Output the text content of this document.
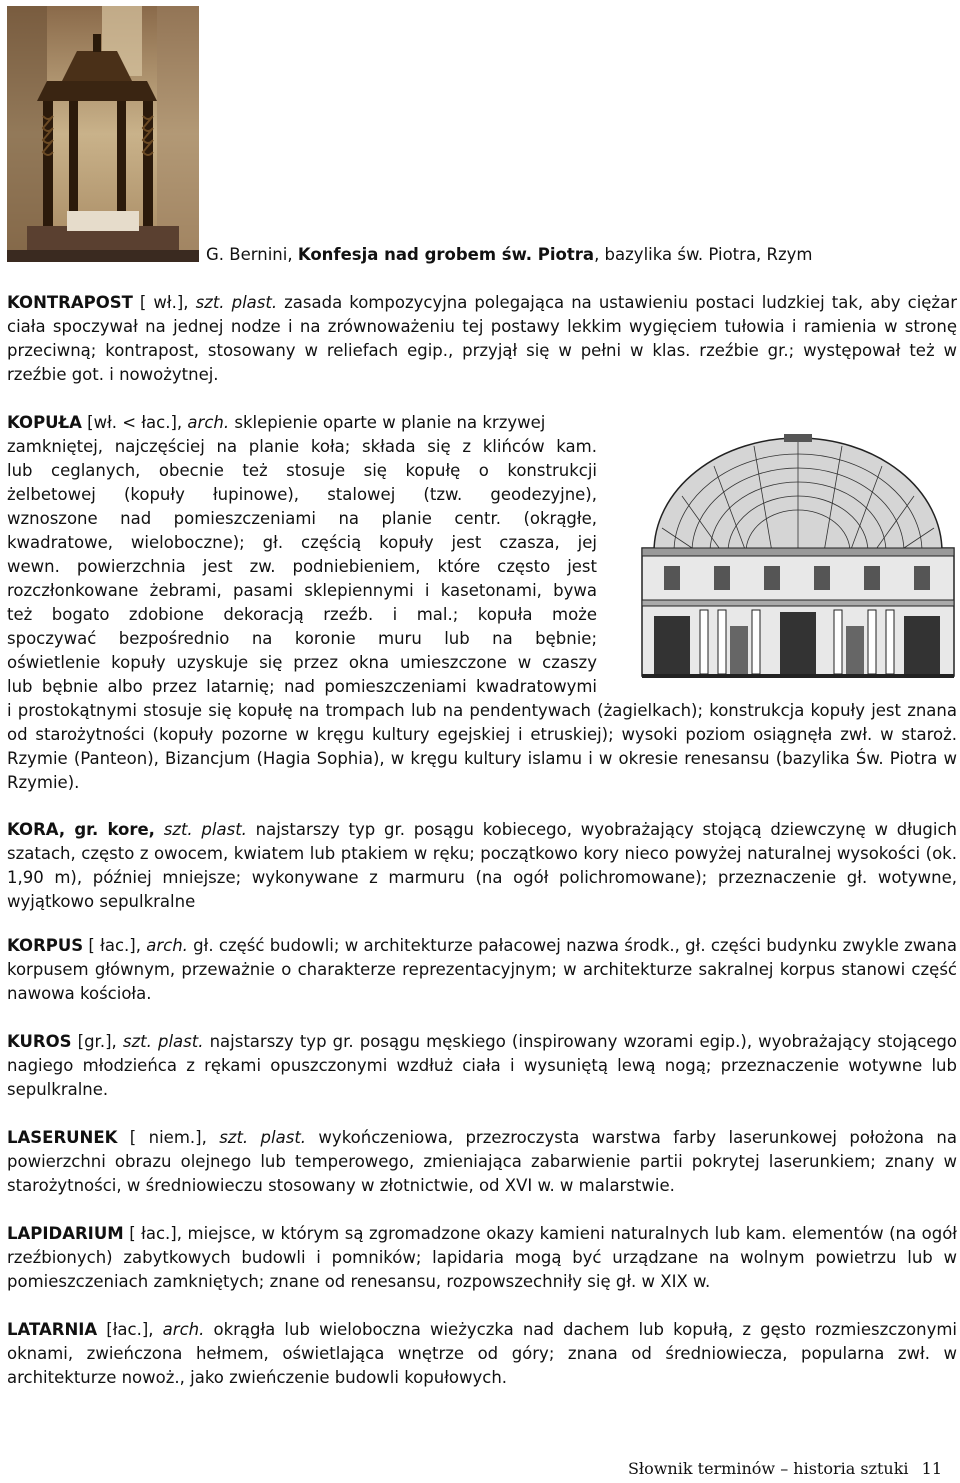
G. Bernini, Konfesja nad grobem św. Piotra, bazylika św. Piotra, Rzym

KONTRAPOST [ wł.], szt. plast. zasada kompozycyjna polegająca na ustawieniu postaci ludzkiej tak, aby ciężar ciała spoczywał na jednej nodze i na zrównoważeniu tej postawy lekkim wygięciem tułowia i ramienia w stronę przeciwną; kontrapost, stosowany w reliefach egip., przyjął się w pełni w klas. rzeźbie gr.; występował też w rzeźbie got. i nowożytnej.

KOPUŁA [wł. < łac.], arch. sklepienie oparte w planie na krzywej
zamkniętej, najczęściej na planie koła; składa się z klińców kam.
lub ceglanych, obecnie też stosuje się kopułę o konstrukcji
żelbetowej (kopuły łupinowe), stalowej (tzw. geodezyjne),
wznoszone nad pomieszczeniami na planie centr. (okrągłe,
kwadratowe, wieloboczne); gł. częścią kopuły jest czasza, jej
wewn. powierzchnia jest zw. podniebieniem, które często jest
rozczłonkowane żebrami, pasami sklepiennymi i kasetonami, bywa
też bogato zdobione dekoracją rzeźb. i mal.; kopuła może
spoczywać bezpośrednio na koronie muru lub na bębnie;
oświetlenie kopuły uzyskuje się przez okna umieszczone w czaszy
lub bębnie albo przez latarnię; nad pomieszczeniami kwadratowymi

i prostokątnymi stosuje się kopułę na trompach lub na pendentywach (żagielkach); konstrukcja kopuły jest znana od starożytności (kopuły pozorne w kręgu kultury egejskiej i etruskiej); wysoki poziom osiągnęła zwł. w staroż. Rzymie (Panteon), Bizancjum (Hagia Sophia), w kręgu kultury islamu i w okresie renesansu (bazylika Św. Piotra w Rzymie).

KORA, gr. kore, szt. plast. najstarszy typ gr. posągu kobiecego, wyobrażający stojącą dziewczynę w długich szatach, często z owocem, kwiatem lub ptakiem w ręku; początkowo kory nieco powyżej naturalnej wysokości (ok. 1,90 m), później mniejsze; wykonywane z marmuru (na ogół polichromowane); przeznaczenie gł. wotywne, wyjątkowo sepulkralne

KORPUS [ łac.], arch. gł. część budowli; w architekturze pałacowej nazwa środk., gł. części budynku zwykle zwana korpusem głównym, przeważnie o charakterze reprezentacyjnym; w architekturze sakralnej korpus stanowi część nawowa kościoła.

KUROS [gr.], szt. plast. najstarszy typ gr. posągu męskiego (inspirowany wzorami egip.), wyobrażający stojącego nagiego młodzieńca z rękami opuszczonymi wzdłuż ciała i wysuniętą lewą nogą; przeznaczenie wotywne lub sepulkralne.

LASERUNEK [ niem.], szt. plast. wykończeniowa, przezroczysta warstwa farby laserunkowej położona na powierzchni obrazu olejnego lub temperowego, zmieniająca zabarwienie partii pokrytej laserunkiem; znany w starożytności, w średniowieczu stosowany w złotnictwie, od XVI w. w malarstwie.

LAPIDARIUM [ łac.], miejsce, w którym są zgromadzone okazy kamieni naturalnych lub kam. elementów (na ogół rzeźbionych) zabytkowych budowli i pomników; lapidaria mogą być urządzane na wolnym powietrzu lub w pomieszczeniach zamkniętych; znane od renesansu, rozpowszechniły się gł. w XIX w.

LATARNIA [łac.], arch. okrągła lub wieloboczna wieżyczka nad dachem lub kopułą, z gęsto rozmieszczonymi oknami, zwieńczona hełmem, oświetlająca wnętrze od góry; znana od średniowiecza, popularna zwł. w architekturze nowoż., jako zwieńczenie budowli kopułowych.

Słownik terminów – historia sztuki 11
